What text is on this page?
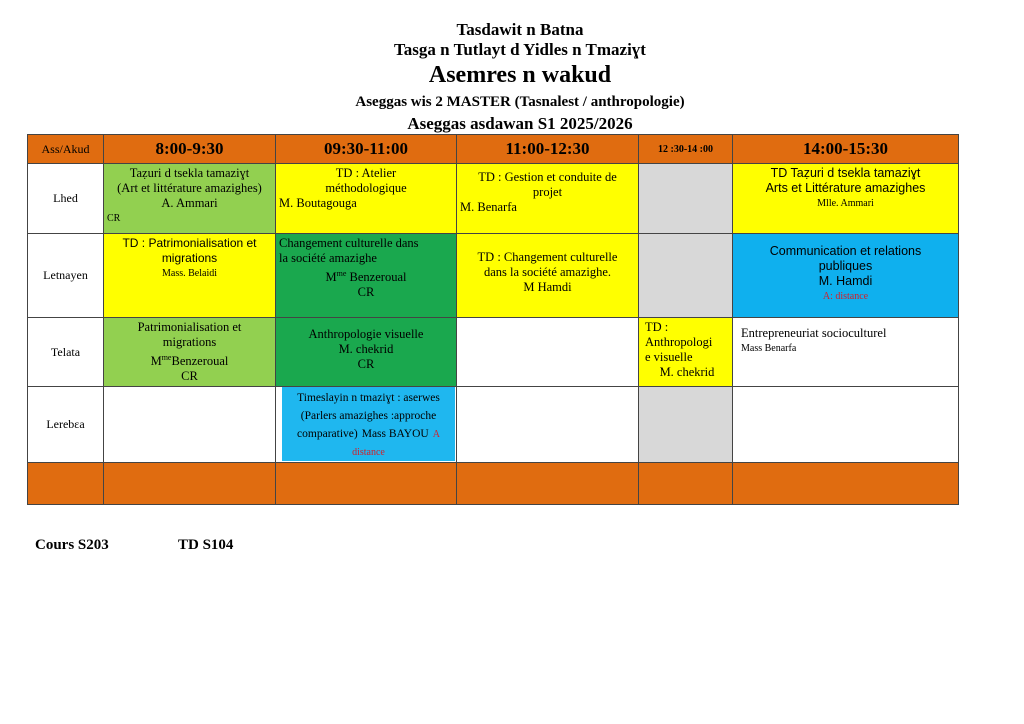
Tasdawit n Batna
Tasga n Tutlayt d Yidles n Tmaziɣt
Asemres n wakud
Aseggas wis 2 MASTER (Tasnalest / anthropologie)
Aseggas asdawan S1 2025/2026
Ass/Akud	8:00-9:30	09:30-11:00	11:00-12:30	12 :30-14 :00	14:00-15:30
Lhed	Taẓuri d tsekla tamaziɣt
(Art et littérature amazighes)
A. Ammari
CR	TD : Atelier
méthodologique
M. Boutagouga	TD : Gestion et conduite de
projet
M. Benarfa		TD Taẓuri d tsekla tamaziɣt
Arts et Littérature amazighes
Mlle. Ammari

Letnayen	TD : Patrimonialisation et
migrations
Mass. Belaidi	Changement culturelle dans
la société amazighe
$M^{me}$ Benzeroual
CR	TD : Changement culturelle
dans la société amazighe.
M Hamdi		Communication et relations
publiques
M. Hamdi
A: distance

Telata	Patrimonialisation et
migrations
$M^{me}Benzeroual$
CR	Anthropologie visuelle
M. chekrid
CR		TD :
Anthropologi
e visuelle
M. chekrid	Entrepreneuriat socioculturel
Mass Benarfa

Lerebɛa		Timeslayin n tmaziɣt : aserwes (Parlers amazighes :approche comparative) Mass BAYOU A distance			

Cours S203	TD S104
